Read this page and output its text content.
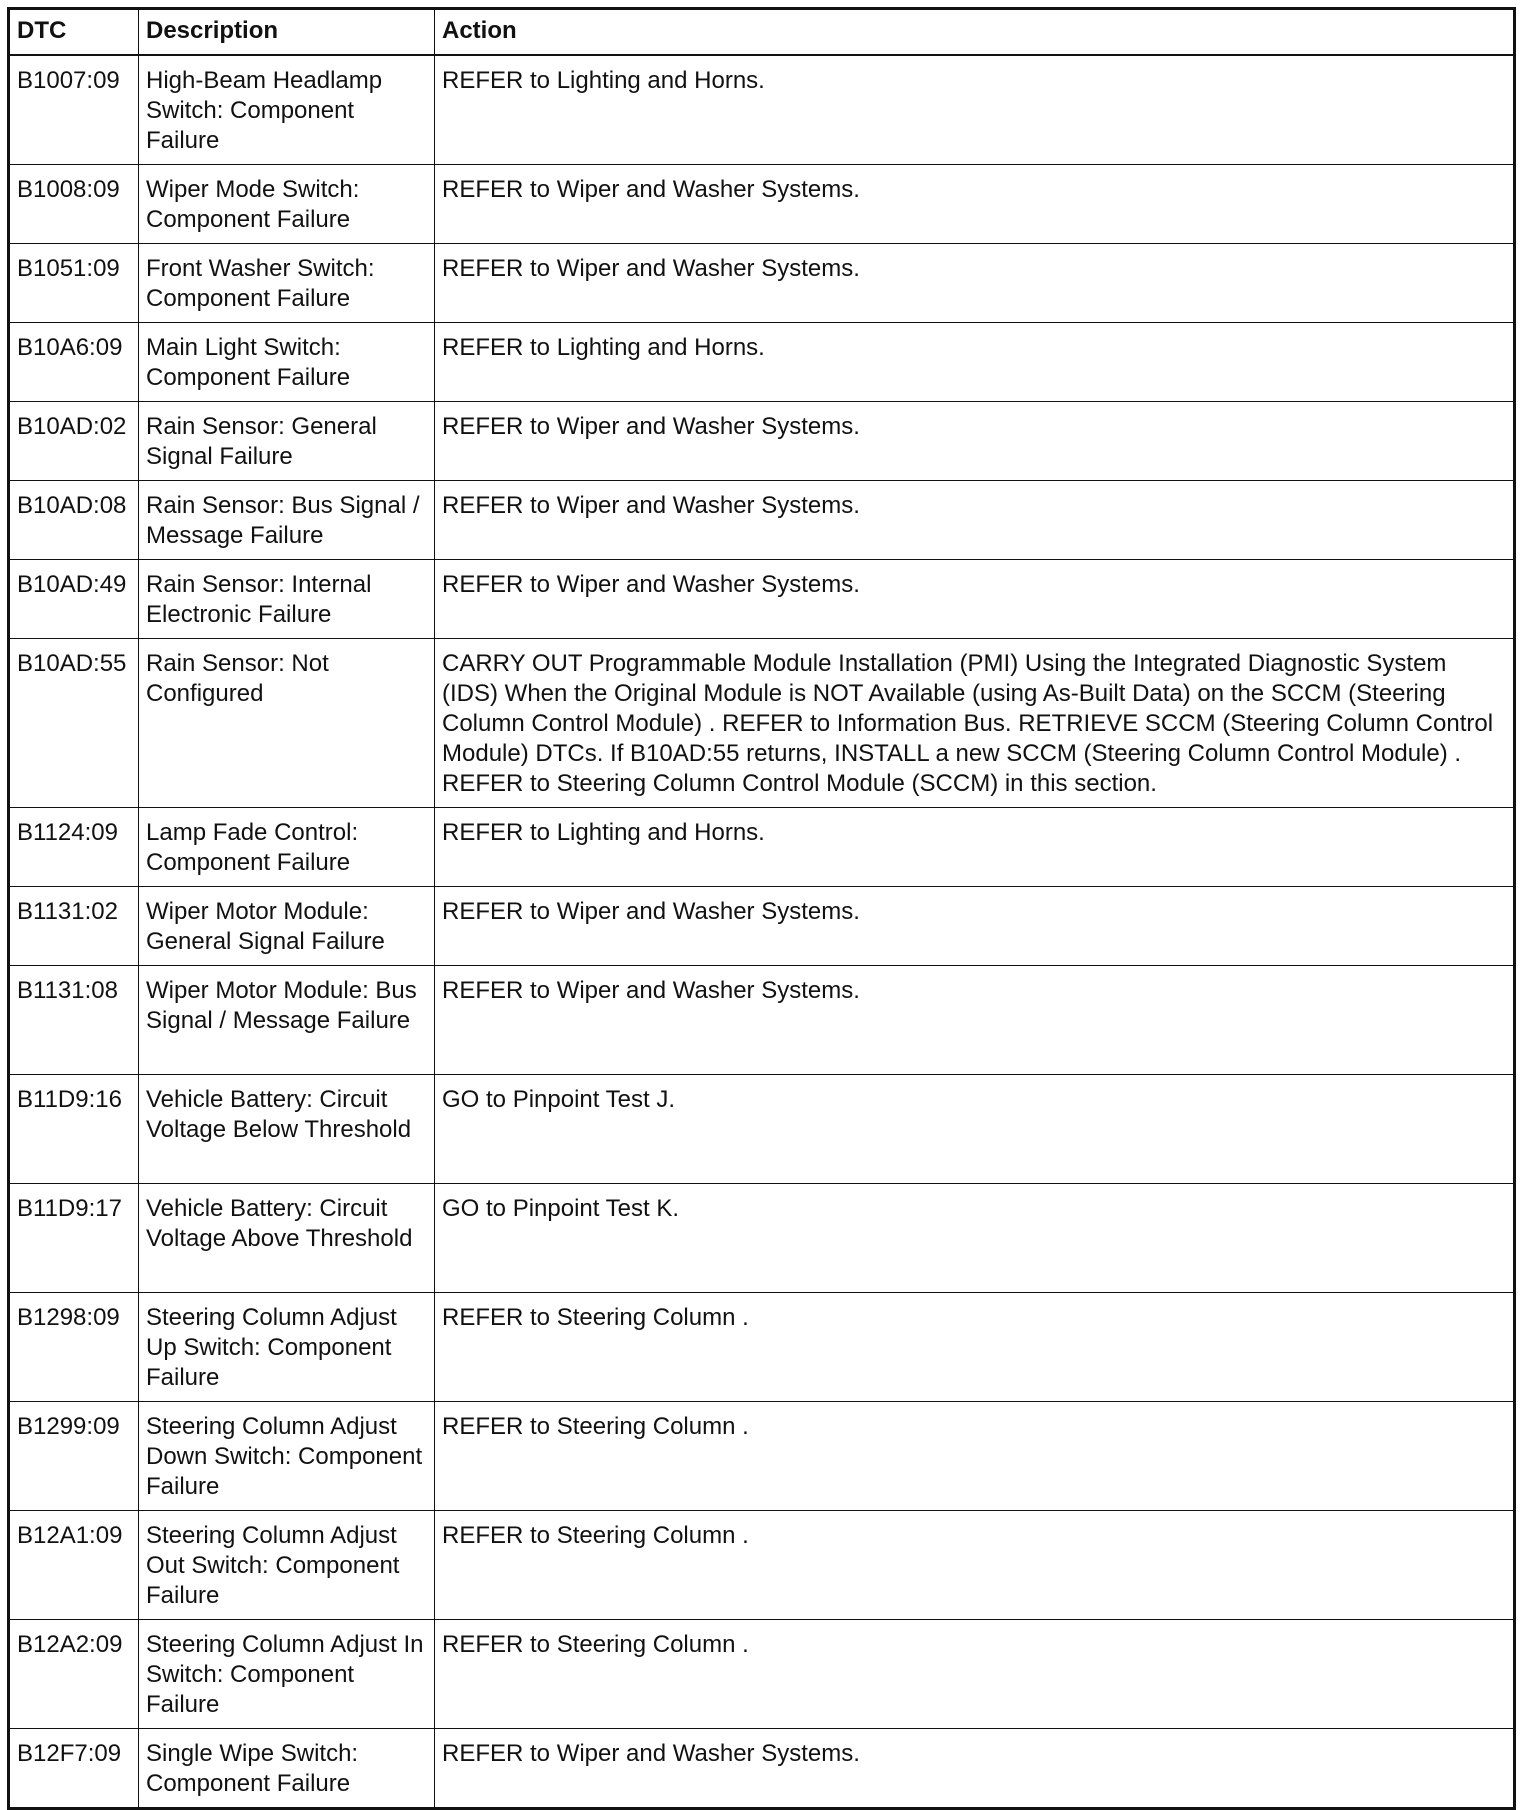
DTC	Description	Action
B1007:09	High-Beam Headlamp Switch: Component Failure	REFER to Lighting and Horns.
B1008:09	Wiper Mode Switch: Component Failure	REFER to Wiper and Washer Systems.
B1051:09	Front Washer Switch: Component Failure	REFER to Wiper and Washer Systems.
B10A6:09	Main Light Switch: Component Failure	REFER to Lighting and Horns.
B10AD:02	Rain Sensor: General Signal Failure	REFER to Wiper and Washer Systems.
B10AD:08	Rain Sensor: Bus Signal / Message Failure	REFER to Wiper and Washer Systems.
B10AD:49	Rain Sensor: Internal Electronic Failure	REFER to Wiper and Washer Systems.
B10AD:55	Rain Sensor: Not Configured	CARRY OUT Programmable Module Installation (PMI) Using the Integrated Diagnostic System (IDS) When the Original Module is NOT Available (using As-Built Data) on the SCCM (Steering Column Control Module) . REFER to Information Bus. RETRIEVE SCCM (Steering Column Control Module) DTCs. If B10AD:55 returns, INSTALL a new SCCM (Steering Column Control Module) . REFER to Steering Column Control Module (SCCM) in this section.
B1124:09	Lamp Fade Control: Component Failure	REFER to Lighting and Horns.
B1131:02	Wiper Motor Module: General Signal Failure	REFER to Wiper and Washer Systems.
B1131:08	Wiper Motor Module: Bus Signal / Message Failure	REFER to Wiper and Washer Systems.
B11D9:16	Vehicle Battery: Circuit Voltage Below Threshold	GO to Pinpoint Test J.
B11D9:17	Vehicle Battery: Circuit Voltage Above Threshold	GO to Pinpoint Test K.
B1298:09	Steering Column Adjust Up Switch: Component Failure	REFER to Steering Column .
B1299:09	Steering Column Adjust Down Switch: Component Failure	REFER to Steering Column .
B12A1:09	Steering Column Adjust Out Switch: Component Failure	REFER to Steering Column .
B12A2:09	Steering Column Adjust In Switch: Component Failure	REFER to Steering Column .
B12F7:09	Single Wipe Switch: Component Failure	REFER to Wiper and Washer Systems.
